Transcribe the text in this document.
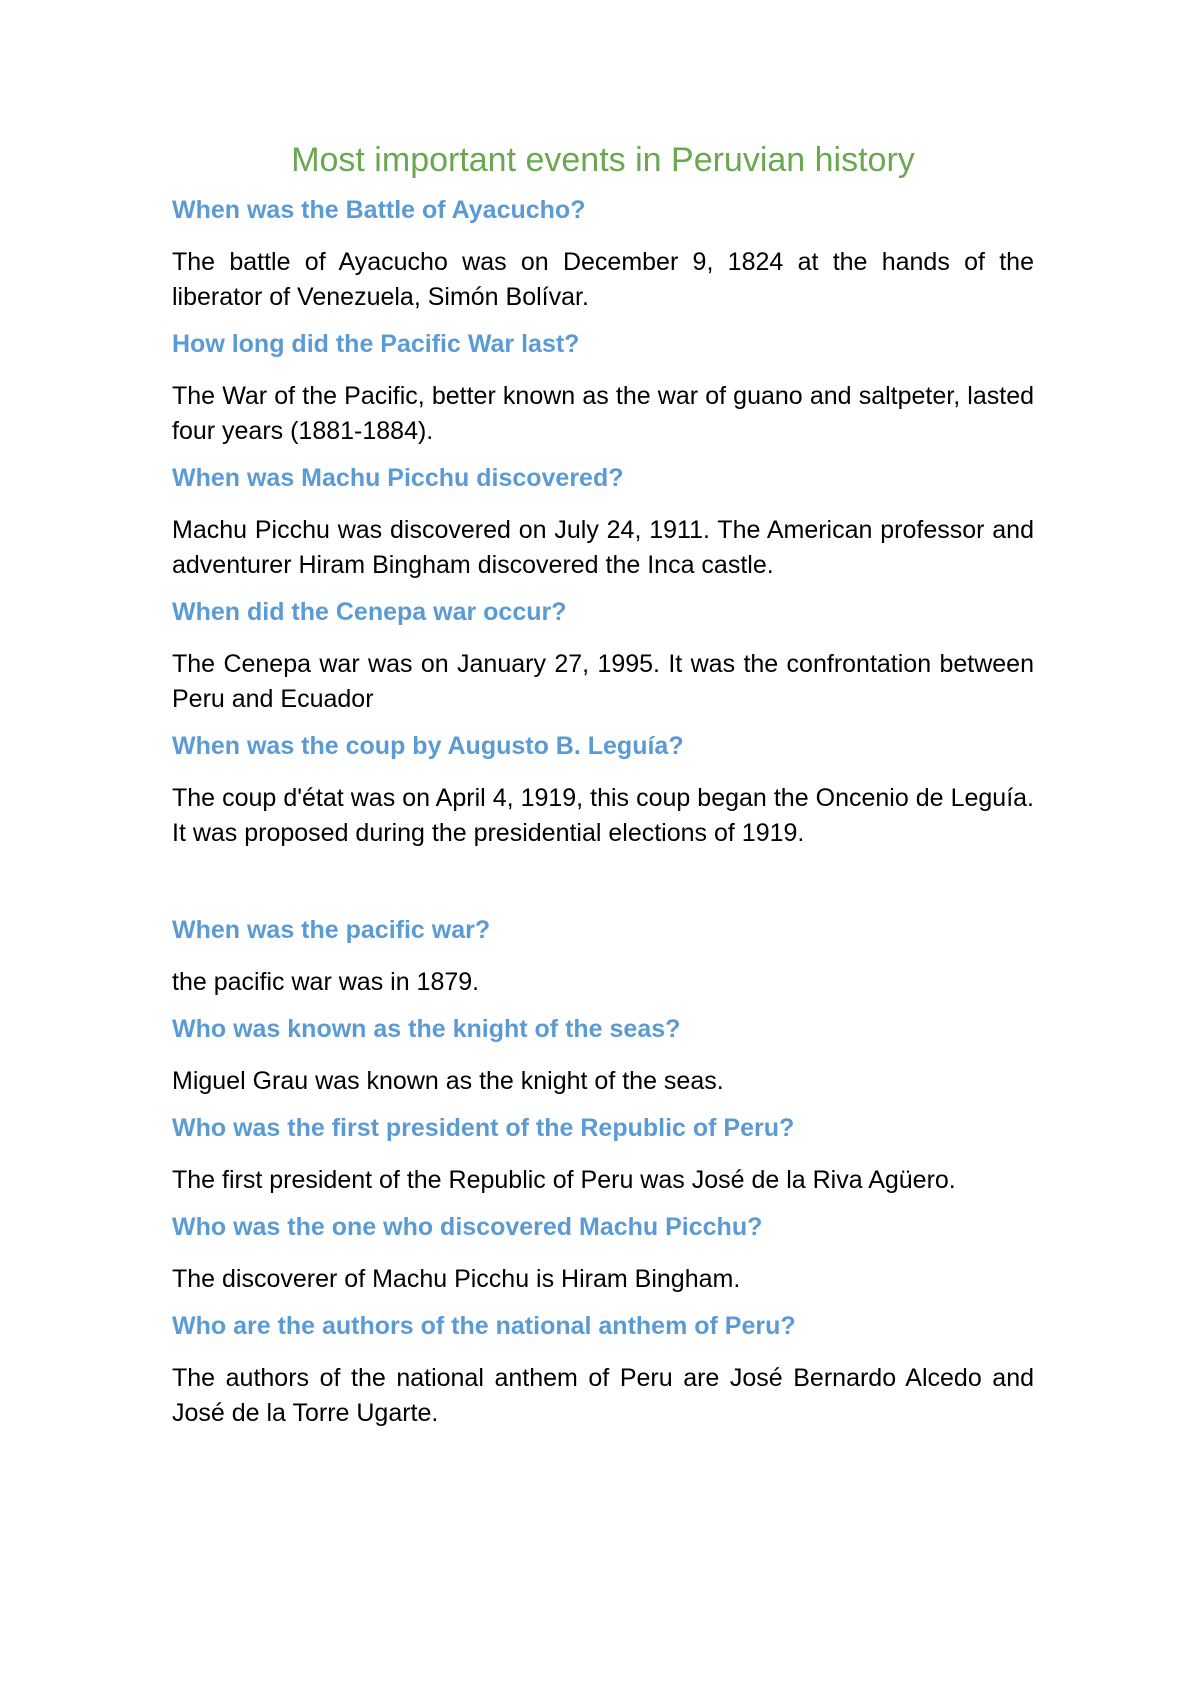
Most important events in Peruvian history
When was the Battle of Ayacucho?
The battle of Ayacucho was on December 9, 1824 at the hands of the liberator of Venezuela, Simón Bolívar.
How long did the Pacific War last?
The War of the Pacific, better known as the war of guano and saltpeter, lasted four years (1881-1884).
When was Machu Picchu discovered?
Machu Picchu was discovered on July 24, 1911. The American professor and adventurer Hiram Bingham discovered the Inca castle.
When did the Cenepa war occur?
The Cenepa war was on January 27, 1995. It was the confrontation between Peru and Ecuador
When was the coup by Augusto B. Leguía?
The coup d'état was on April 4, 1919, this coup began the Oncenio de Leguía. It was proposed during the presidential elections of 1919.
When was the pacific war?
the pacific war was in 1879.
Who was known as the knight of the seas?
Miguel Grau was known as the knight of the seas.
Who was the first president of the Republic of Peru?
The first president of the Republic of Peru was José de la Riva Agüero.
Who was the one who discovered Machu Picchu?
The discoverer of Machu Picchu is Hiram Bingham.
Who are the authors of the national anthem of Peru?
The authors of the national anthem of Peru are José Bernardo Alcedo and José de la Torre Ugarte.
